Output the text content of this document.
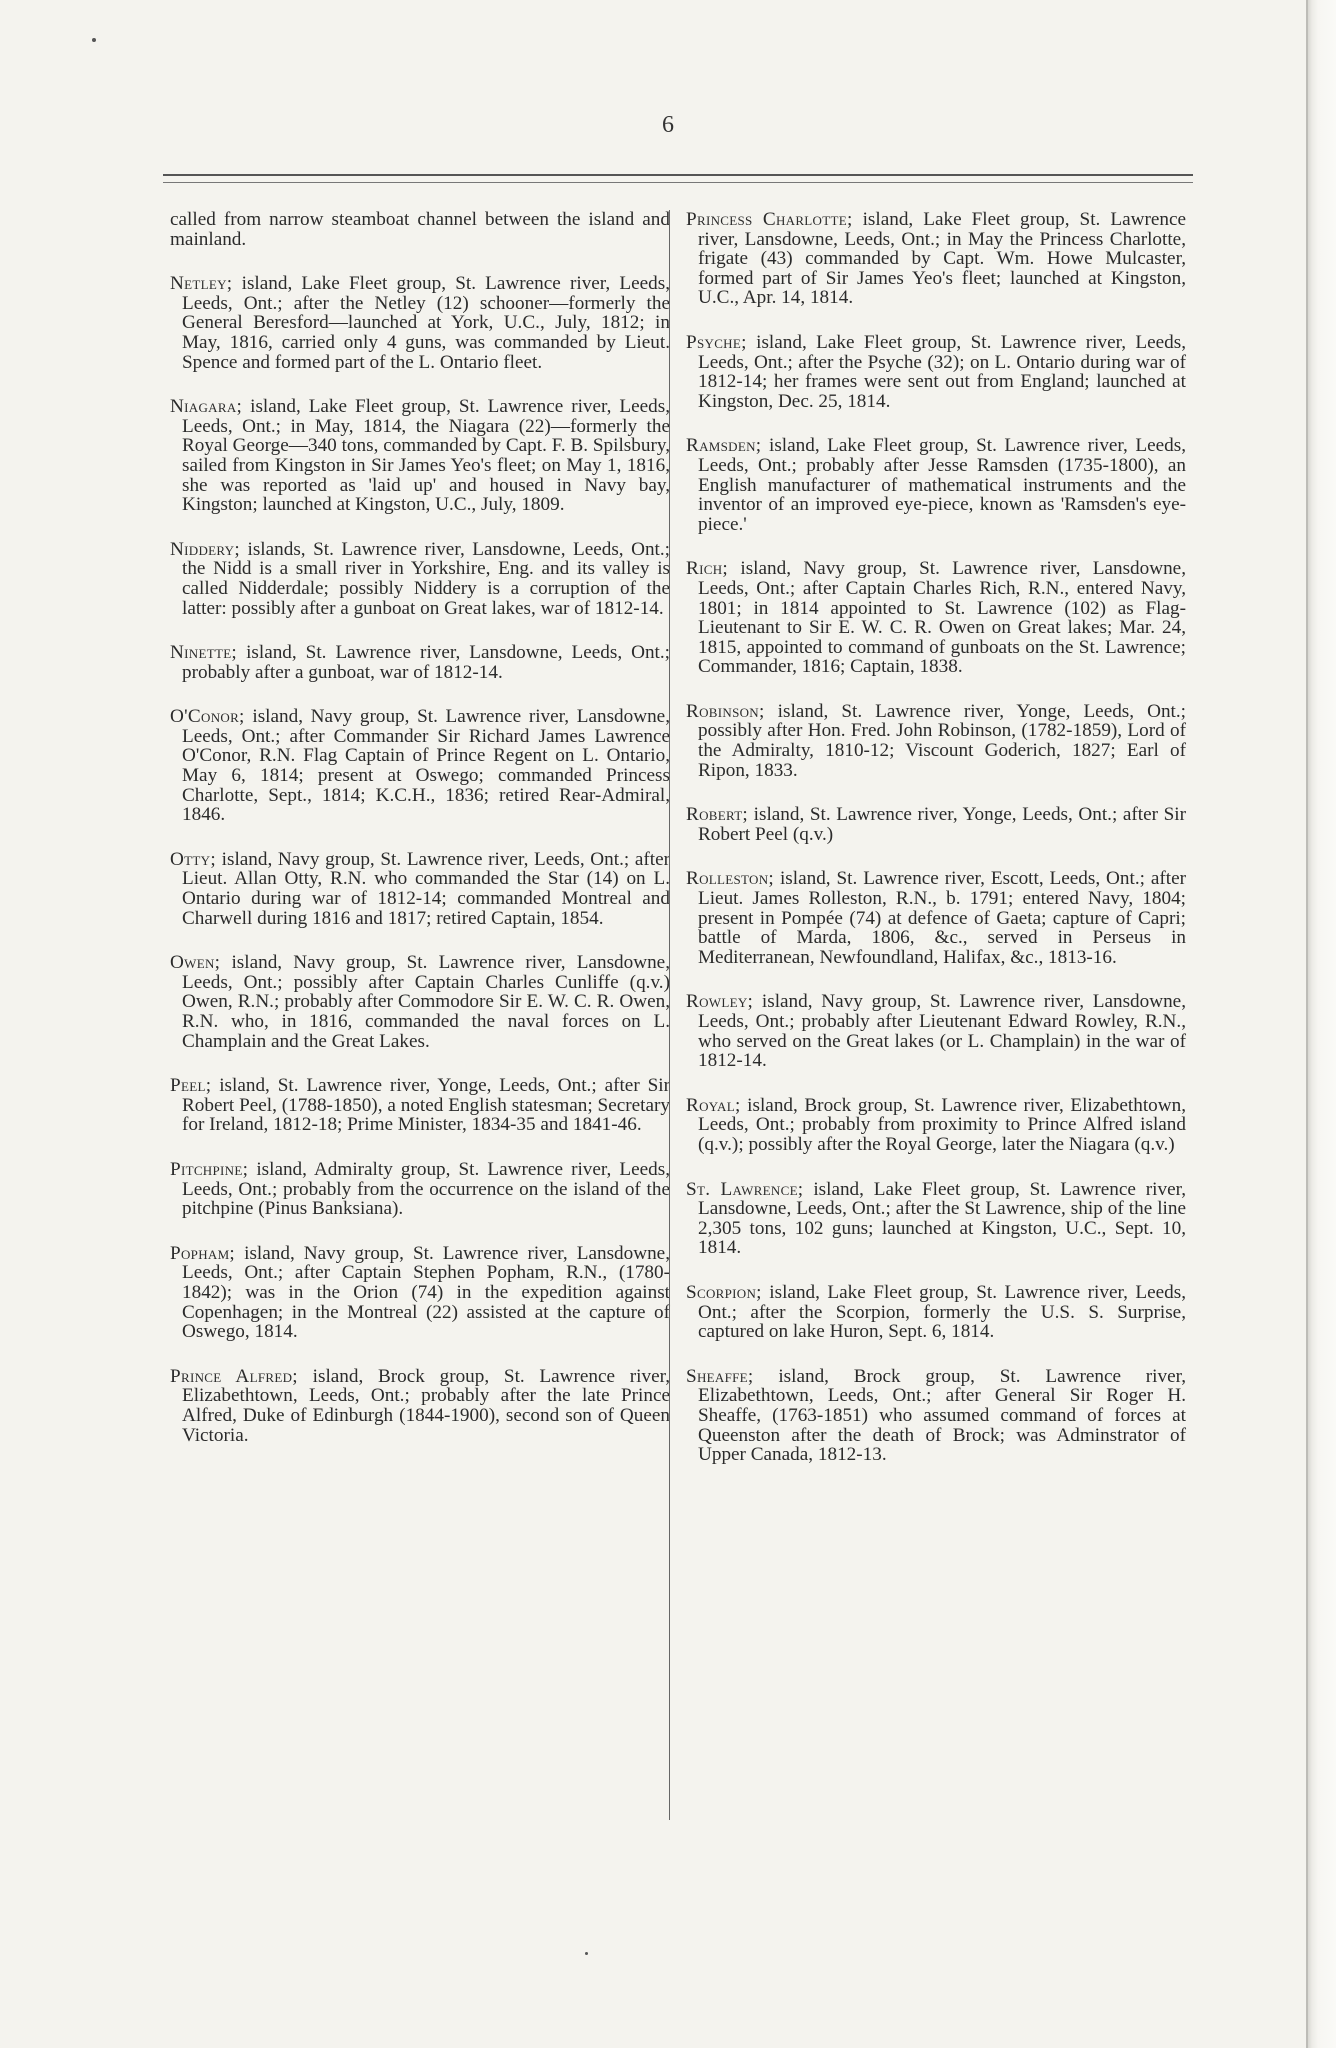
6

called from narrow steamboat channel between the island and mainland.

Netley; island, Lake Fleet group, St. Lawrence river, Leeds, Leeds, Ont.; after the Netley (12) schooner—formerly the General Beresford—launched at York, U.C., July, 1812; in May, 1816, carried only 4 guns, was commanded by Lieut. Spence and formed part of the L. Ontario fleet.

Niagara; island, Lake Fleet group, St. Lawrence river, Leeds, Leeds, Ont.; in May, 1814, the Niagara (22)—formerly the Royal George—340 tons, commanded by Capt. F. B. Spilsbury, sailed from Kingston in Sir James Yeo's fleet; on May 1, 1816, she was reported as 'laid up' and housed in Navy bay, Kingston; launched at Kingston, U.C., July, 1809.

Niddery; islands, St. Lawrence river, Lansdowne, Leeds, Ont.; the Nidd is a small river in Yorkshire, Eng. and its valley is called Nidderdale; possibly Niddery is a corruption of the latter: possibly after a gunboat on Great lakes, war of 1812-14.

Ninette; island, St. Lawrence river, Lansdowne, Leeds, Ont.; probably after a gunboat, war of 1812-14.

O'Conor; island, Navy group, St. Lawrence river, Lansdowne, Leeds, Ont.; after Commander Sir Richard James Lawrence O'Conor, R.N. Flag Captain of Prince Regent on L. Ontario, May 6, 1814; present at Oswego; commanded Princess Charlotte, Sept., 1814; K.C.H., 1836; retired Rear-Admiral, 1846.

Otty; island, Navy group, St. Lawrence river, Leeds, Ont.; after Lieut. Allan Otty, R.N. who commanded the Star (14) on L. Ontario during war of 1812-14; commanded Montreal and Charwell during 1816 and 1817; retired Captain, 1854.

Owen; island, Navy group, St. Lawrence river, Lansdowne, Leeds, Ont.; possibly after Captain Charles Cunliffe (q.v.) Owen, R.N.; probably after Commodore Sir E. W. C. R. Owen, R.N. who, in 1816, commanded the naval forces on L. Champlain and the Great Lakes.

Peel; island, St. Lawrence river, Yonge, Leeds, Ont.; after Sir Robert Peel, (1788-1850), a noted English statesman; Secretary for Ireland, 1812-18; Prime Minister, 1834-35 and 1841-46.

Pitchpine; island, Admiralty group, St. Lawrence river, Leeds, Leeds, Ont.; probably from the occurrence on the island of the pitchpine (Pinus Banksiana).

Popham; island, Navy group, St. Lawrence river, Lansdowne, Leeds, Ont.; after Captain Stephen Popham, R.N., (1780-1842); was in the Orion (74) in the expedition against Copenhagen; in the Montreal (22) assisted at the capture of Oswego, 1814.

Prince Alfred; island, Brock group, St. Lawrence river, Elizabethtown, Leeds, Ont.; probably after the late Prince Alfred, Duke of Edinburgh (1844-1900), second son of Queen Victoria.

Princess Charlotte; island, Lake Fleet group, St. Lawrence river, Lansdowne, Leeds, Ont.; in May the Princess Charlotte, frigate (43) commanded by Capt. Wm. Howe Mulcaster, formed part of Sir James Yeo's fleet; launched at Kingston, U.C., Apr. 14, 1814.

Psyche; island, Lake Fleet group, St. Lawrence river, Leeds, Leeds, Ont.; after the Psyche (32); on L. Ontario during war of 1812-14; her frames were sent out from England; launched at Kingston, Dec. 25, 1814.

Ramsden; island, Lake Fleet group, St. Lawrence river, Leeds, Leeds, Ont.; probably after Jesse Ramsden (1735-1800), an English manufacturer of mathematical instruments and the inventor of an improved eye-piece, known as 'Ramsden's eye-piece.'

Rich; island, Navy group, St. Lawrence river, Lansdowne, Leeds, Ont.; after Captain Charles Rich, R.N., entered Navy, 1801; in 1814 appointed to St. Lawrence (102) as Flag-Lieutenant to Sir E. W. C. R. Owen on Great lakes; Mar. 24, 1815, appointed to command of gunboats on the St. Lawrence; Commander, 1816; Captain, 1838.

Robinson; island, St. Lawrence river, Yonge, Leeds, Ont.; possibly after Hon. Fred. John Robinson, (1782-1859), Lord of the Admiralty, 1810-12; Viscount Goderich, 1827; Earl of Ripon, 1833.

Robert; island, St. Lawrence river, Yonge, Leeds, Ont.; after Sir Robert Peel (q.v.)

Rolleston; island, St. Lawrence river, Escott, Leeds, Ont.; after Lieut. James Rolleston, R.N., b. 1791; entered Navy, 1804; present in Pompée (74) at defence of Gaeta; capture of Capri; battle of Marda, 1806, &c., served in Perseus in Mediterranean, Newfoundland, Halifax, &c., 1813-16.

Rowley; island, Navy group, St. Lawrence river, Lansdowne, Leeds, Ont.; probably after Lieutenant Edward Rowley, R.N., who served on the Great lakes (or L. Champlain) in the war of 1812-14.

Royal; island, Brock group, St. Lawrence river, Elizabethtown, Leeds, Ont.; probably from proximity to Prince Alfred island (q.v.); possibly after the Royal George, later the Niagara (q.v.)

St. Lawrence; island, Lake Fleet group, St. Lawrence river, Lansdowne, Leeds, Ont.; after the St Lawrence, ship of the line 2,305 tons, 102 guns; launched at Kingston, U.C., Sept. 10, 1814.

Scorpion; island, Lake Fleet group, St. Lawrence river, Leeds, Ont.; after the Scorpion, formerly the U.S. S. Surprise, captured on lake Huron, Sept. 6, 1814.

Sheaffe; island, Brock group, St. Lawrence river, Elizabethtown, Leeds, Ont.; after General Sir Roger H. Sheaffe, (1763-1851) who assumed command of forces at Queenston after the death of Brock; was Adminstrator of Upper Canada, 1812-13.
